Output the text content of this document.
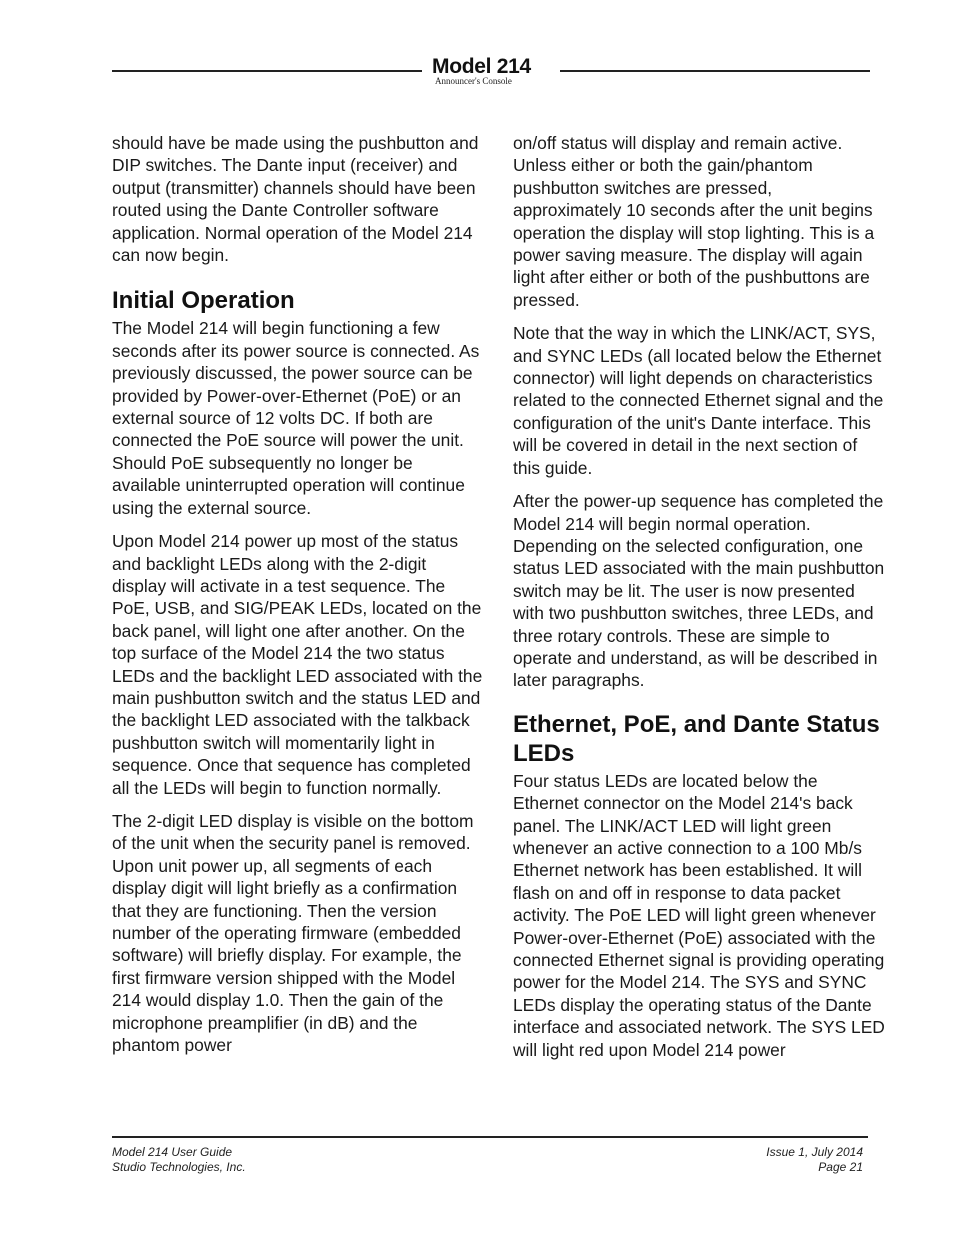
Model 214
Announcer's Console

should have be made using the pushbutton and DIP switches. The Dante input (receiver) and output (transmitter) channels should have been routed using the Dante Controller software application. Normal operation of the Model 214 can now begin.

Initial Operation

The Model 214 will begin functioning a few seconds after its power source is connected. As previously discussed, the power source can be provided by Power-over-Ethernet (PoE) or an external source of 12 volts DC. If both are connected the PoE source will power the unit. Should PoE subsequently no longer be available uninterrupted operation will continue using the external source.

Upon Model 214 power up most of the status and backlight LEDs along with the 2-digit display will activate in a test sequence. The PoE, USB, and SIG/PEAK LEDs, located on the back panel, will light one after another. On the top surface of the Model 214 the two status LEDs and the backlight LED associated with the main pushbutton switch and the status LED and the backlight LED associated with the talkback pushbutton switch will momentarily light in sequence. Once that sequence has completed all the LEDs will begin to function normally.

The 2-digit LED display is visible on the bottom of the unit when the security panel is removed. Upon unit power up, all segments of each display digit will light briefly as a confirmation that they are functioning. Then the version number of the operating firmware (embedded software) will briefly display. For example, the first firmware version shipped with the Model 214 would display 1.0. Then the gain of the microphone preamplifier (in dB) and the phantom power

on/off status will display and remain active. Unless either or both the gain/phantom pushbutton switches are pressed, approximately 10 seconds after the unit begins operation the display will stop lighting. This is a power saving measure. The display will again light after either or both of the pushbuttons are pressed.

Note that the way in which the LINK/ACT, SYS, and SYNC LEDs (all located below the Ethernet connector) will light depends on characteristics related to the connected Ethernet signal and the configuration of the unit's Dante interface. This will be covered in detail in the next section of this guide.

After the power-up sequence has completed the Model 214 will begin normal operation. Depending on the selected configuration, one status LED associated with the main pushbutton switch may be lit. The user is now presented with two pushbutton switches, three LEDs, and three rotary controls. These are simple to operate and understand, as will be described in later paragraphs.

Ethernet, PoE, and Dante Status LEDs

Four status LEDs are located below the Ethernet connector on the Model 214's back panel. The LINK/ACT LED will light green whenever an active connection to a 100 Mb/s Ethernet network has been established. It will flash on and off in response to data packet activity. The PoE LED will light green whenever Power-over-Ethernet (PoE) associated with the connected Ethernet signal is providing operating power for the Model 214. The SYS and SYNC LEDs display the operating status of the Dante interface and associated network. The SYS LED will light red upon Model 214 power

Model 214 User Guide
Studio Technologies, Inc.
Issue 1, July 2014
Page 21
